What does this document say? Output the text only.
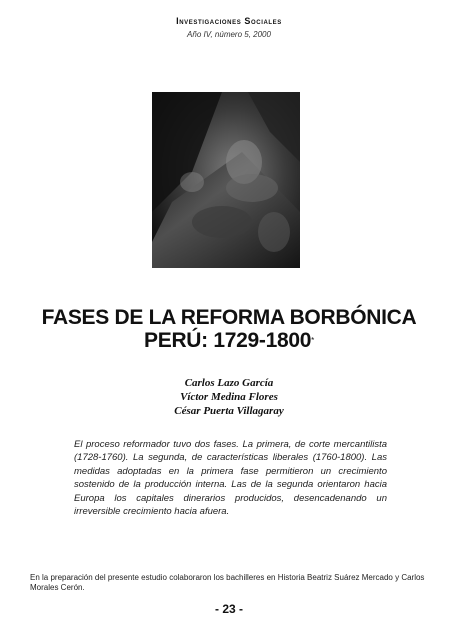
Investigaciones Sociales
Año IV, número 5, 2000
FASES DE LA REFORMA BORBÓNICA
PERÚ: 1729-1800*
Carlos Lazo García
Víctor Medina Flores
César Puerta Villagaray
El proceso reformador tuvo dos fases. La primera, de corte mercantilista (1728-1760). La segunda, de características liberales (1760-1800). Las medidas adoptadas en la primera fase permitieron un crecimiento sostenido de la producción interna. Las de la segunda orientaron hacia Europa los capitales dinerarios producidos, desencadenando un irreversible crecimiento hacia afuera.
En la preparación del presente estudio colaboraron los bachilleres en Historia Beatriz Suárez Mercado y Carlos Morales Cerón.
- 23 -
